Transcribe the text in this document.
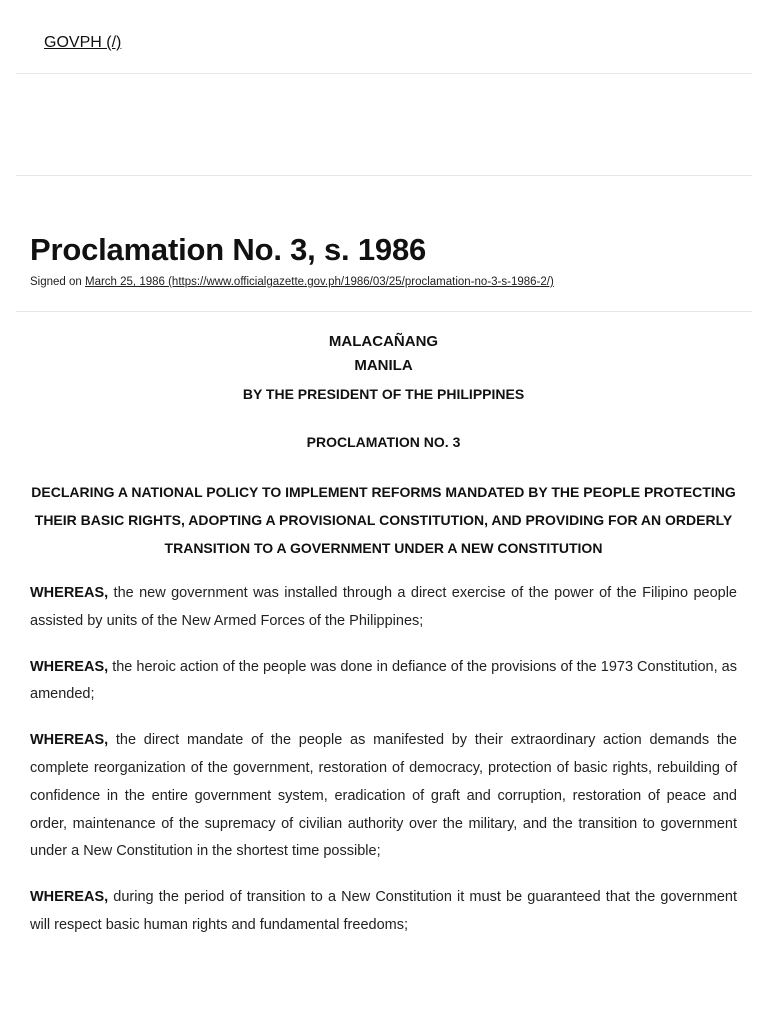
GOVPH (/)
Proclamation No. 3, s. 1986
Signed on March 25, 1986 (https://www.officialgazette.gov.ph/1986/03/25/proclamation-no-3-s-1986-2/)

MALACAÑANG

MANILA

BY THE PRESIDENT OF THE PHILIPPINES

PROCLAMATION NO. 3

DECLARING A NATIONAL POLICY TO IMPLEMENT REFORMS MANDATED BY THE PEOPLE PROTECTING THEIR BASIC RIGHTS, ADOPTING A PROVISIONAL CONSTITUTION, AND PROVIDING FOR AN ORDERLY TRANSITION TO A GOVERNMENT UNDER A NEW CONSTITUTION

WHEREAS, the new government was installed through a direct exercise of the power of the Filipino people assisted by units of the New Armed Forces of the Philippines;

WHEREAS, the heroic action of the people was done in defiance of the provisions of the 1973 Constitution, as amended;

WHEREAS, the direct mandate of the people as manifested by their extraordinary action demands the complete reorganization of the government, restoration of democracy, protection of basic rights, rebuilding of confidence in the entire government system, eradication of graft and corruption, restoration of peace and order, maintenance of the supremacy of civilian authority over the military, and the transition to government under a New Constitution in the shortest time possible;

WHEREAS, during the period of transition to a New Constitution it must be guaranteed that the government will respect basic human rights and fundamental freedoms;
